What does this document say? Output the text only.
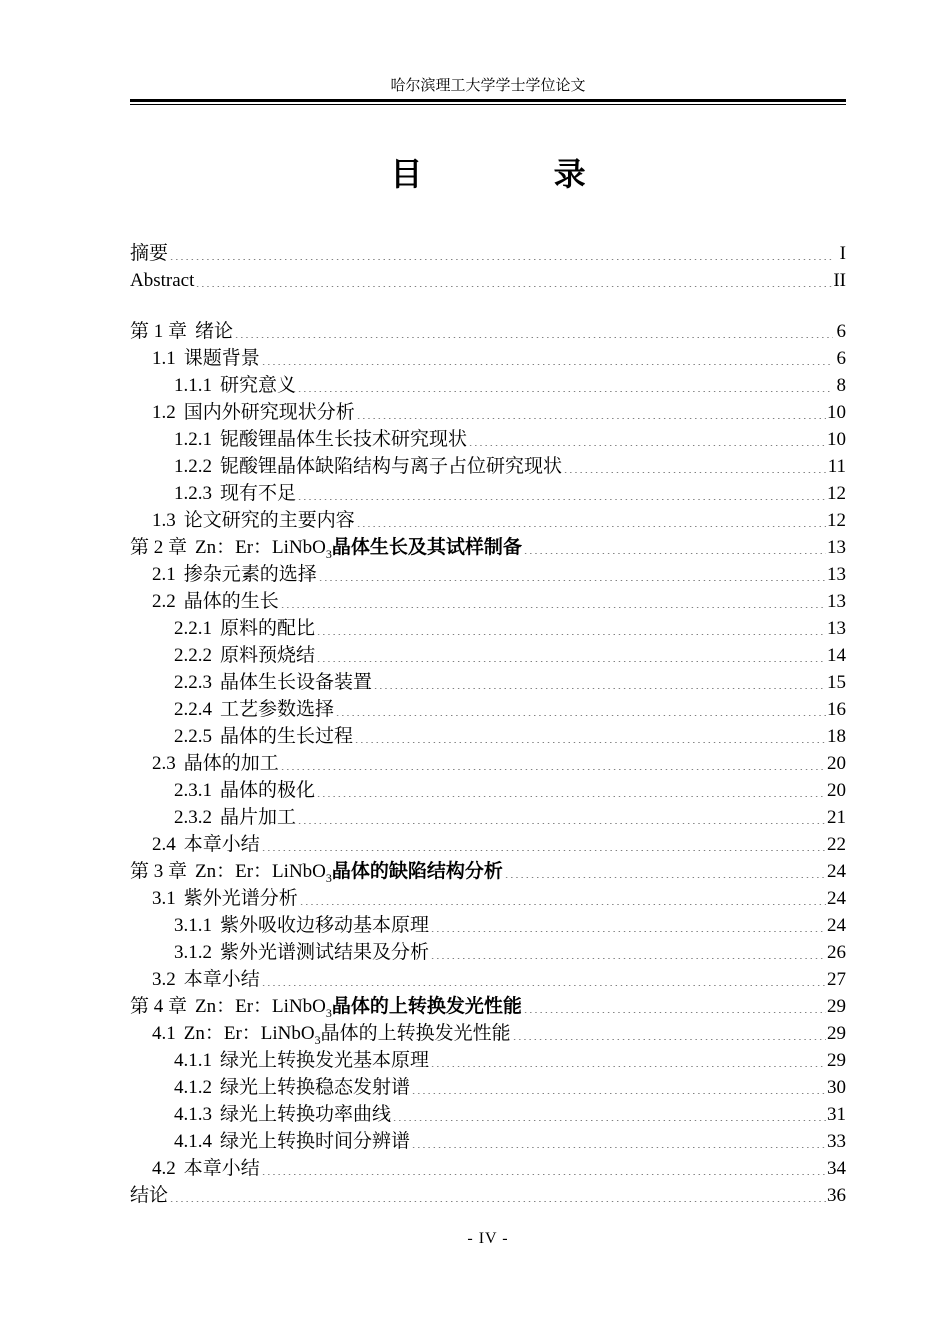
哈尔滨理工大学学士学位论文
目 录
摘要	I
Abstract	II
第 1 章 绪论	6
1.1 课题背景	6
1.1.1 研究意义	8
1.2 国内外研究现状分析	10
1.2.1 铌酸锂晶体生长技术研究现状	10
1.2.2 铌酸锂晶体缺陷结构与离子占位研究现状	11
1.2.3 现有不足	12
1.3 论文研究的主要内容	12
第 2 章 Zn：Er：LiNbO$_3$晶体生长及其试样制备	13
2.1 掺杂元素的选择	13
2.2 晶体的生长	13
2.2.1 原料的配比	13
2.2.2 原料预烧结	14
2.2.3 晶体生长设备装置	15
2.2.4 工艺参数选择	16
2.2.5 晶体的生长过程	18
2.3 晶体的加工	20
2.3.1 晶体的极化	20
2.3.2 晶片加工	21
2.4 本章小结	22
第 3 章 Zn：Er：LiNbO$_3$晶体的缺陷结构分析	24
3.1 紫外光谱分析	24
3.1.1 紫外吸收边移动基本原理	24
3.1.2 紫外光谱测试结果及分析	26
3.2 本章小结	27
第 4 章 Zn：Er：LiNbO$_3$晶体的上转换发光性能	29
4.1 Zn：Er：LiNbO$_3$晶体的上转换发光性能	29
4.1.1 绿光上转换发光基本原理	29
4.1.2 绿光上转换稳态发射谱	30
4.1.3 绿光上转换功率曲线	31
4.1.4 绿光上转换时间分辨谱	33
4.2 本章小结	34
结论	36
- IV -
